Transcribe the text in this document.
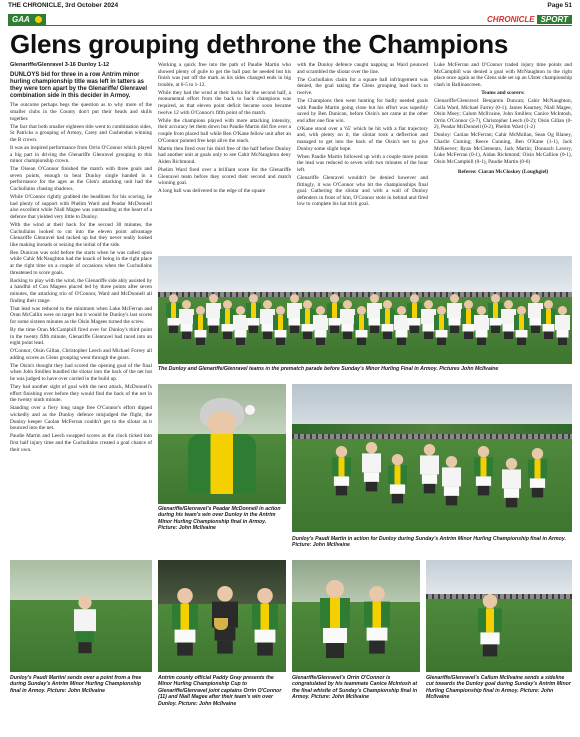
THE CHRONICLE, 3rd October 2024	Page 51
GAA	CHRONICLE SPORT
Glens grouping dethrone the Champions
Glenariffe/Glenravel 3-16 Dunloy 1-12
DUNLOYS bid for three in a row Antrim minor hurling championship title was left in tatters as they were torn apart by the Glenariffe/ Glenravel combination side in this decider in Armoy.

The outcome perhaps begs the question as to why more of the smaller clubs in the County don't put their heads and skills together.

The fact that both smaller eighteen title went to combination sides, St Patricks a grouping of Armoy, Carey and Cushendun winning the B crown.

It was an inspired performance from Orrin O'Connor which played a big part in driving the Glenariffe Glenravel grouping to this minor championship crown.

The Oisean O'Connor finished the match with three goals and seven points, enough to beat Dunloy single handed in a performance for the ages as the Glen's attacking unit had the Cuchullains chasing shadows.

While O'Connor rightly grabbed the headlines for his scoring, he had plenty of support with Phelim Ward and Peadar McDonnell also excellent while Niall Magee was outstanding at the heart of a defence that yielded very little to Dunloy.

With the wind at their back for the second 30 minutes, the Cuchullains looked to cut into the eleven point advantage Glenariffe Glenravel had racked up but they never really looked like making inroads or seizing the initial of the side.

Ben Dunican was sold before the starts when he was called upon while Cahir McNaughton had the knack of being in the right place at the right time on a couple of occasions when the Cuchullains threatened to score goals.

Backing to play with the wind, the Glenariffe side ably assisted by a handful of Con Magees placed led by three points after seven minutes, the attacking trio of O'Connor, Ward and McDonnell all finding their range.

That lead was reduced to the minimum when Luke McFerran and Oran McCallin were on target but it would be Dunloy's last scores for some sixteen minutes as the Oisin Magees turned the screw.

By the time Oran McCampbill fired over for Dunloy's third point in the twenty fifth minute, Glenariffe Glenravel had raced into an eight point lead.

O'Connor, Oisin Gillan, Christopher Leech and Michael Forrey all adding scores as Glens grouping went through the gears.

The Oisin's thought they had scored the opening goal of the final when John Smillen bundled the sliotar into the back of the net but he was judged to have over carried in the build up.

They had another sight of goal with the next attack, McDonnell's effort finishing over before they would find the back of the net in the twenty ninth minute.

Standing over a fiery long range free O'Connor's effort dipped wickedly and as the Dunloy defence misjudged the flight, the Dunloy keeper Caolan McFerran couldn't get to the sliotar as it bounced into the net.

Paudie Martin and Leech swapped scores as the clock ticked into first half injury time and the Cuchullains created a goal chance of their own.

Working a quick free into the path of Paudie Martin who showed plenty of guile to get the ball past he needed but his finish was just off the mark as his sides changed ends in big trouble, at 0-5 to 1-12.

While they had the wind at their backs for the second half, a monumental effort from the back to back champions was required, as that eleven point deficit became soon became twelve 12 with O'Connor's fifth point of the match.

While the champions played with more attacking intensity, their accuracy let them down but Paudie Martin did fire over a couple from placed ball while Ben O'Kane fellow unit after an O'Connor pointed free kept alive the reach.

Martin then fired over his third free of the half before Dunloy had another unit at goals only to see Cahir McNaughton deny Aiden Richmond.

Phelim Ward fired over a brilliant score for the Glenariffe Glenravel team before they scored their second and match winning goal.

A long ball was delivered to the edge of the square

with the Dunloy defence caught napping as Ward pounced and scrambled the sliotar over the line.

The Cuchullains claim for a square ball infringement was denied, the goal taking the Glens grouping lead back to twelve.

The Champions then went hunting for badly needed goals with Paudie Martin going close but his effort was superbly saved by Ben Dunican, before Oisin's net came at the other end after one fine win.

O'Kane stood over a '65' which he hit with a flat trajectory and, with plenty on it, the sliotar took a deflection and managed to get into the back of the Oisin's net to give Dunloy some slight hope.

When Paudie Martin followed up with a couple more points the lead was reduced to seven with two minutes of the hour left.

Glenariffe Glenravel wouldn't be denied however and fittingly, it was O'Connor who hit the championships final goal. Gathering the sliotar and with a wall of Dunloy defenders in front of him, O'Connor stole in behind and fired low to complete his hat trick goal.

Luke McFerran and O'Connor traded injury time points and McCampbill was denied a goal with McNaughton in the right place once again as the Glens side set up an Ulster championship clash in Ballinascreen.

Teams and scorers:

Glenariffe/Glenravel: Benjamin Duncan; Cahir McNaughton, Colla Ward, Michael Farrey (0-1); James Kearney, Niall Magee, Oisin Moey; Calum McIlvaine, John Smillen; Canice McIntosh, Orrin O'Connor (3-7), Christopher Leech (0-2); Oisin Gillan (0-2), Peadar McDonnell (0-2), Phelim Ward (1-2)

Dunloy: Caolan McFerran; Cahir McMullan, Sean Og Blaney, Charlie Cuming; Reece Cunning, Ben O'Kane (1-1), Jack McKeever; Ryan McClements, Jack Martin; Donnach Lavery, Luke McFerran (0-1), Aidan Richmond; Oisin McCallion (0-1), Oisin McCampbill (0-1), Paudie Martin (0-6)

Referee: Ciaran McCloskey (Loughgiel)

The Dunloy and Glenariffe/Glenravel teams in the prematch parade before Sunday's Minor Hurling Final in Armoy. Pictures John McIlvaine
Glenariffe/Glenravel's Peadar McDonnell in action during his team's win over Dunloy in the Antrim Minor Hurling Championship final in Armoy. Picture: John McIlvaine
Dunloy's Paudi Martin in action for Dunloy during Sunday's Antrim Minor Hurling Championship final in Armoy. Picture: John McIlvaine
Dunloy's Paudi Martini sends over a point from a free during Sunday's Antrim Minor Hurling Championship final in Armoy. Picture: John McIlvaine
Antrim county official Paddy Gray presents the Minor Hurling Championship Cup to Glenariffe/Glenravel joint captains Orrin O'Connor (11) and Niall Magee after their team's win over Dunloy. Picture: John McIlvaine
Glenariffe/Glenravel's Orrin O'Connor is congratulated by his teammate Canice McIntosh at the final whistle of Sunday's Championship final in Armoy. Picture: John McIlvaine
Glenariffe/Glenravel's Callum McIlvaine sends a sideline cut towards the Dunloy goal during Sunday's Antrim Minor Hurling Championship final in Armoy. Picture: John McIlvaine
